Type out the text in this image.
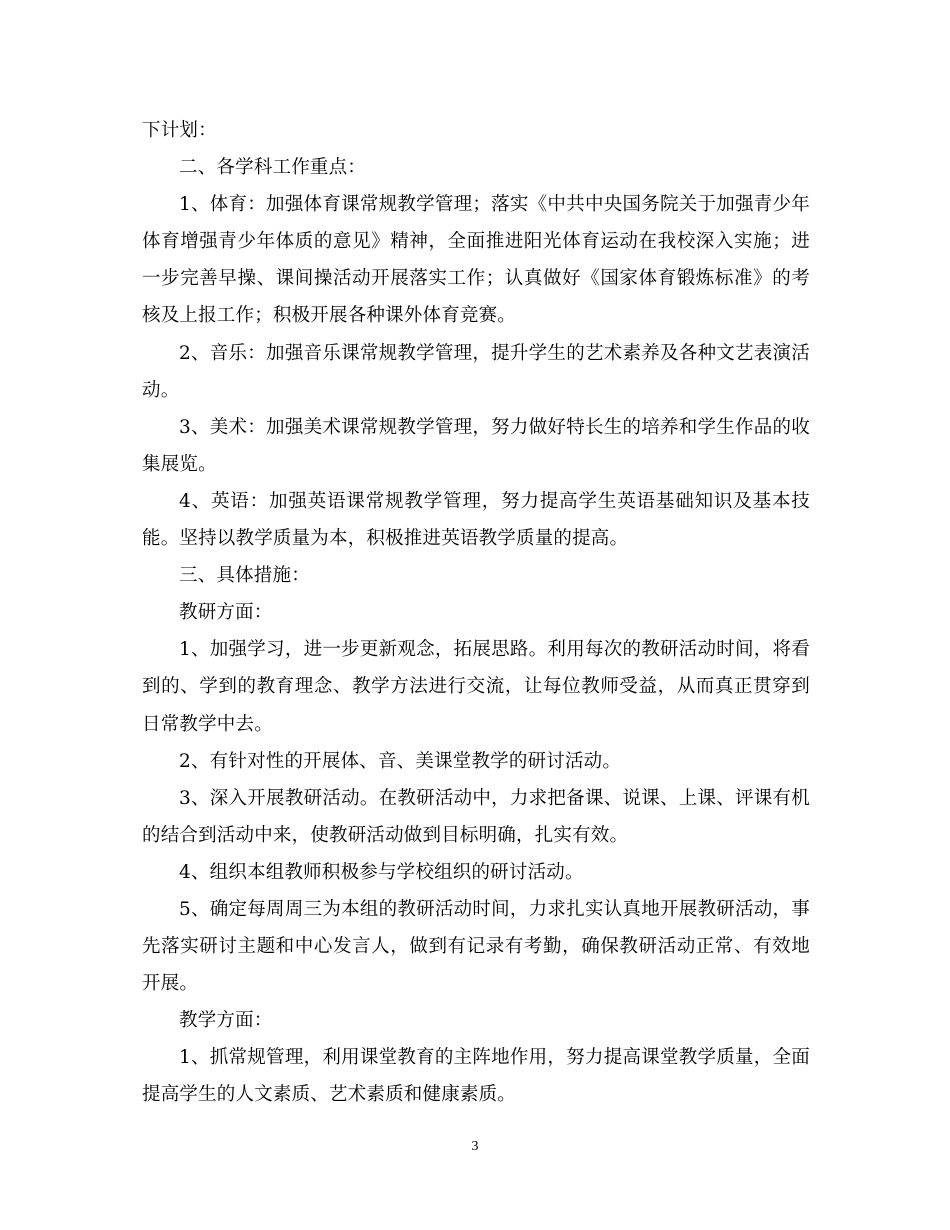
下计划：

二、各学科工作重点：

1、体育：加强体育课常规教学管理；落实《中共中央国务院关于加强青少年体育增强青少年体质的意见》精神，全面推进阳光体育运动在我校深入实施；进一步完善早操、课间操活动开展落实工作；认真做好《国家体育锻炼标准》的考核及上报工作；积极开展各种课外体育竞赛。

2、音乐：加强音乐课常规教学管理，提升学生的艺术素养及各种文艺表演活动。

3、美术：加强美术课常规教学管理，努力做好特长生的培养和学生作品的收集展览。

4、英语：加强英语课常规教学管理，努力提高学生英语基础知识及基本技能。坚持以教学质量为本，积极推进英语教学质量的提高。

三、具体措施：

教研方面：

1、加强学习，进一步更新观念，拓展思路。利用每次的教研活动时间，将看到的、学到的教育理念、教学方法进行交流，让每位教师受益，从而真正贯穿到日常教学中去。

2、有针对性的开展体、音、美课堂教学的研讨活动。

3、深入开展教研活动。在教研活动中，力求把备课、说课、上课、评课有机的结合到活动中来，使教研活动做到目标明确，扎实有效。

4、组织本组教师积极参与学校组织的研讨活动。

5、确定每周周三为本组的教研活动时间，力求扎实认真地开展教研活动，事先落实研讨主题和中心发言人，做到有记录有考勤，确保教研活动正常、有效地开展。

教学方面：

1、抓常规管理，利用课堂教育的主阵地作用，努力提高课堂教学质量，全面提高学生的人文素质、艺术素质和健康素质。

3
